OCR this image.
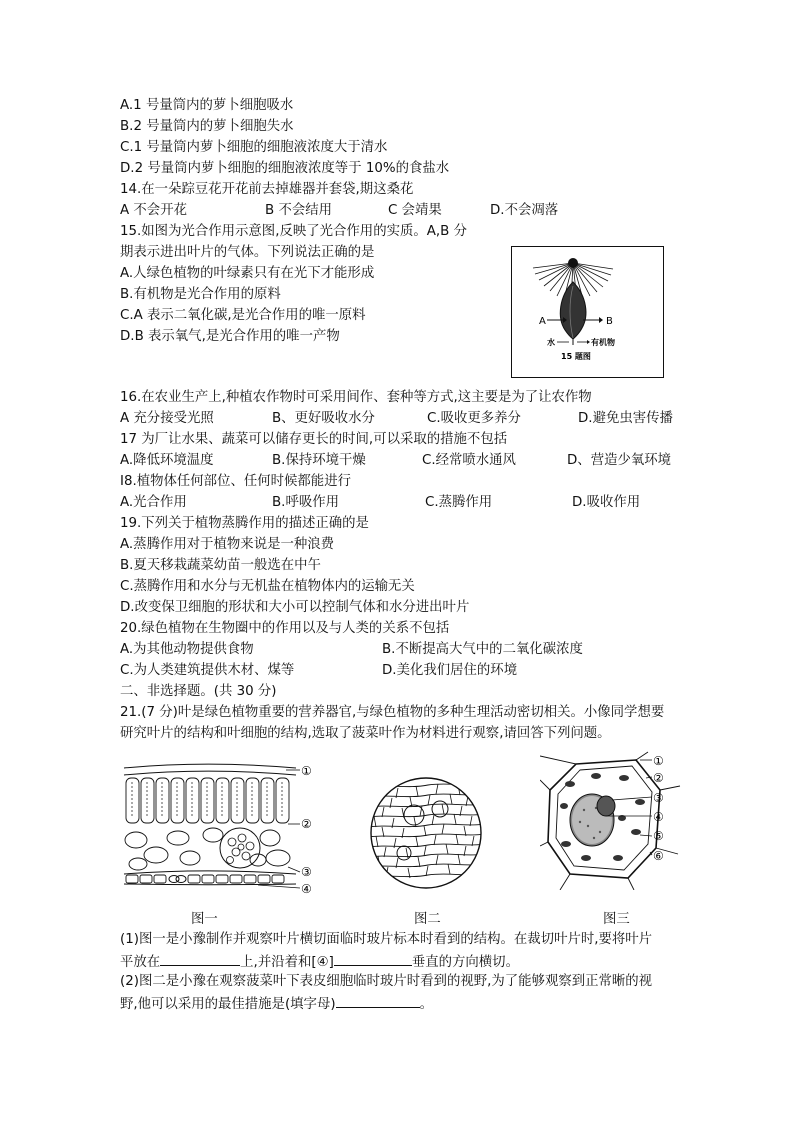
A.1 号量筒内的萝卜细胞吸水
B.2 号量筒内的萝卜细胞失水
C.1 号量筒内萝卜细胞的细胞液浓度大于清水
D.2 号量筒内萝卜细胞的细胞液浓度等于 10%的食盐水
14.在一朵踪豆花开花前去掉雄器并套袋,期这桑花
A 不会开花	B 不会结用	C 会靖果	D.不会凋落
15.如图为光合作用示意图,反映了光合作用的实质。A,B 分
期表示进出叶片的气体。下列说法正确的是
A.人绿色植物的叶绿素只有在光下才能形成
B.有机物是光合作用的原料
C.A 表示二氧化碳,是光合作用的唯一原料
D.B 表示氧气,是光合作用的唯一产物
A	B
水	有机物
15 题图
16.在农业生产上,种植农作物时可采用间作、套种等方式,这主要是为了让农作物
A 充分接受光照	B、更好吸收水分	C.吸收更多养分	D.避免虫害传播
17 为厂让水果、蔬菜可以储存更长的时间,可以采取的措施不包括
A.降低环境温度	B.保持环境干燥	C.经常喷水通风	D、营造少氧环境
I8.植物体任何部位、任何时候都能进行
A.光合作用	B.呼吸作用	C.蒸腾作用	D.吸收作用
19.下列关于植物蒸腾作用的描述正确的是
A.蒸腾作用对于植物来说是一种浪费
B.夏天移栽蔬菜幼苗一般选在中午
C.蒸腾作用和水分与无机盐在植物体内的运输无关
D.改变保卫细胞的形状和大小可以控制气体和水分进出叶片
20.绿色植物在生物圈中的作用以及与人类的关系不包括
A.为其他动物提供食物	B.不断提高大气中的二氧化碳浓度
C.为人类建筑提供木材、煤等	D.美化我们居住的环境
二、非选择题。(共 30 分)
21.(7 分)叶是绿色植物重要的营养器官,与绿色植物的多种生理活动密切相关。小像同学想要
研究叶片的结构和叶细胞的结构,选取了菠菜叶作为材料进行观察,请回答下列问题。
①
②
③
④
①
②
③
④
⑤
⑥
图一	图二	图三
(1)图一是小豫制作并观察叶片横切面临时玻片标本时看到的结构。在裁切叶片时,要将叶片
平放在	上,并沿着和[④]	垂直的方向横切。
(2)图二是小豫在观察菠菜叶下表皮细胞临时玻片时看到的视野,为了能够观察到正常晰的视
野,他可以采用的最佳措施是(填字母)	。
